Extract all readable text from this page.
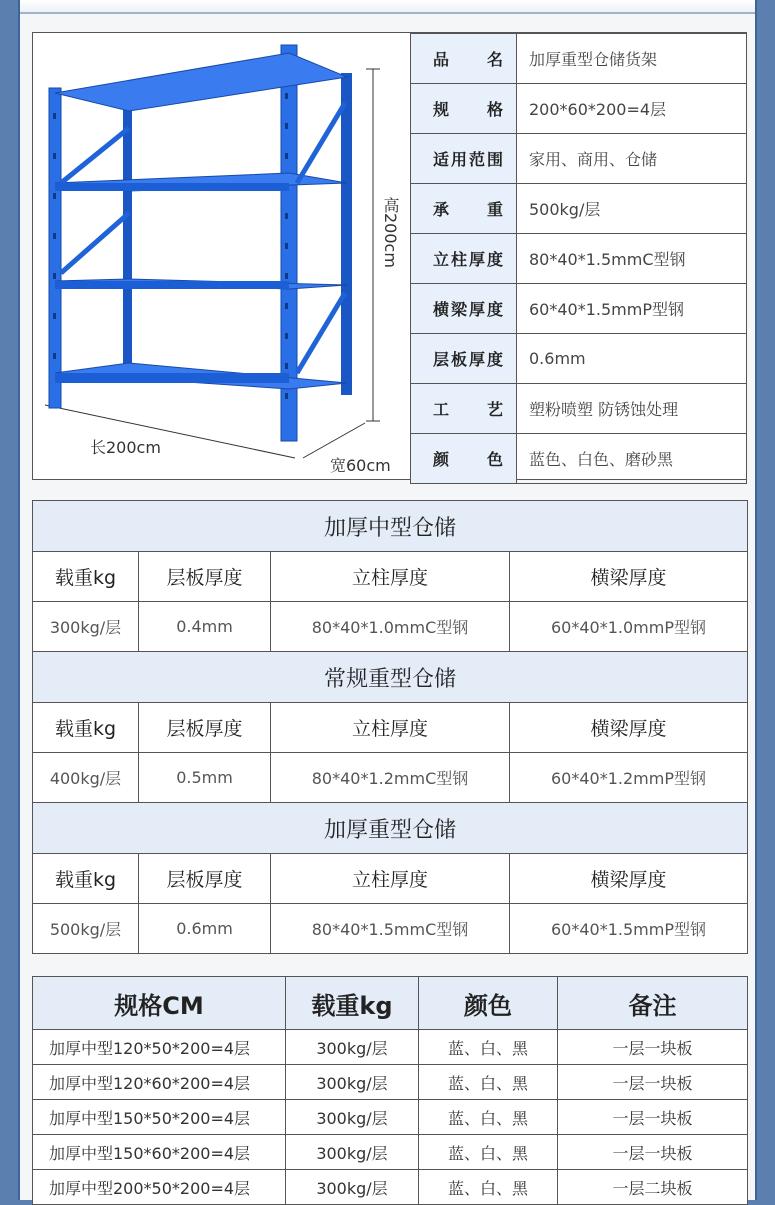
高200cm
长200cm
宽60cm
品名	加厚重型仓储货架
规格	200*60*200=4层
适用范围	家用、商用、仓储
承重	500kg/层
立柱厚度	80*40*1.5mmC型钢
横梁厚度	60*40*1.5mmP型钢
层板厚度	0.6mm
工艺	塑粉喷塑 防锈蚀处理
颜色	蓝色、白色、磨砂黑
加厚中型仓储			
载重kg	层板厚度	立柱厚度	横梁厚度
300kg/层	0.4mm	80*40*1.0mmC型钢	60*40*1.0mmP型钢
常规重型仓储			
载重kg	层板厚度	立柱厚度	横梁厚度
400kg/层	0.5mm	80*40*1.2mmC型钢	60*40*1.2mmP型钢
加厚重型仓储			
载重kg	层板厚度	立柱厚度	横梁厚度
500kg/层	0.6mm	80*40*1.5mmC型钢	60*40*1.5mmP型钢
规格CM	载重kg	颜色	备注
加厚中型120*50*200=4层	300kg/层	蓝、白、黑	一层一块板
加厚中型120*60*200=4层	300kg/层	蓝、白、黑	一层一块板
加厚中型150*50*200=4层	300kg/层	蓝、白、黑	一层一块板
加厚中型150*60*200=4层	300kg/层	蓝、白、黑	一层一块板
加厚中型200*50*200=4层	300kg/层	蓝、白、黑	一层二块板
